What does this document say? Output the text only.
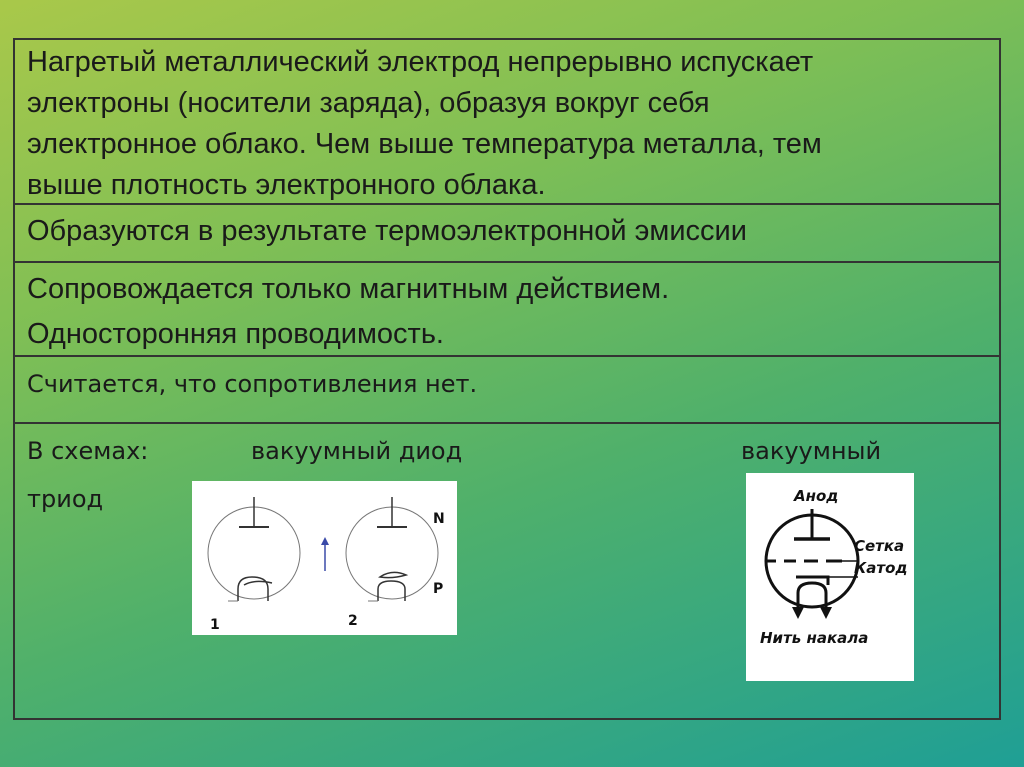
Нагретый металлический электрод непрерывно испускает
электроны (носители заряда), образуя вокруг себя
электронное облако. Чем выше температура металла, тем
выше плотность электронного облака.
Образуются в результате термоэлектронной эмиссии
Сопровождается только магнитным действием.
Односторонняя проводимость.
Считается, что сопротивления нет.
В схемах:	вакуумный диод	вакуумный
триод
1
N
P
2
Анод
Сетка
Катод
Нить накала
